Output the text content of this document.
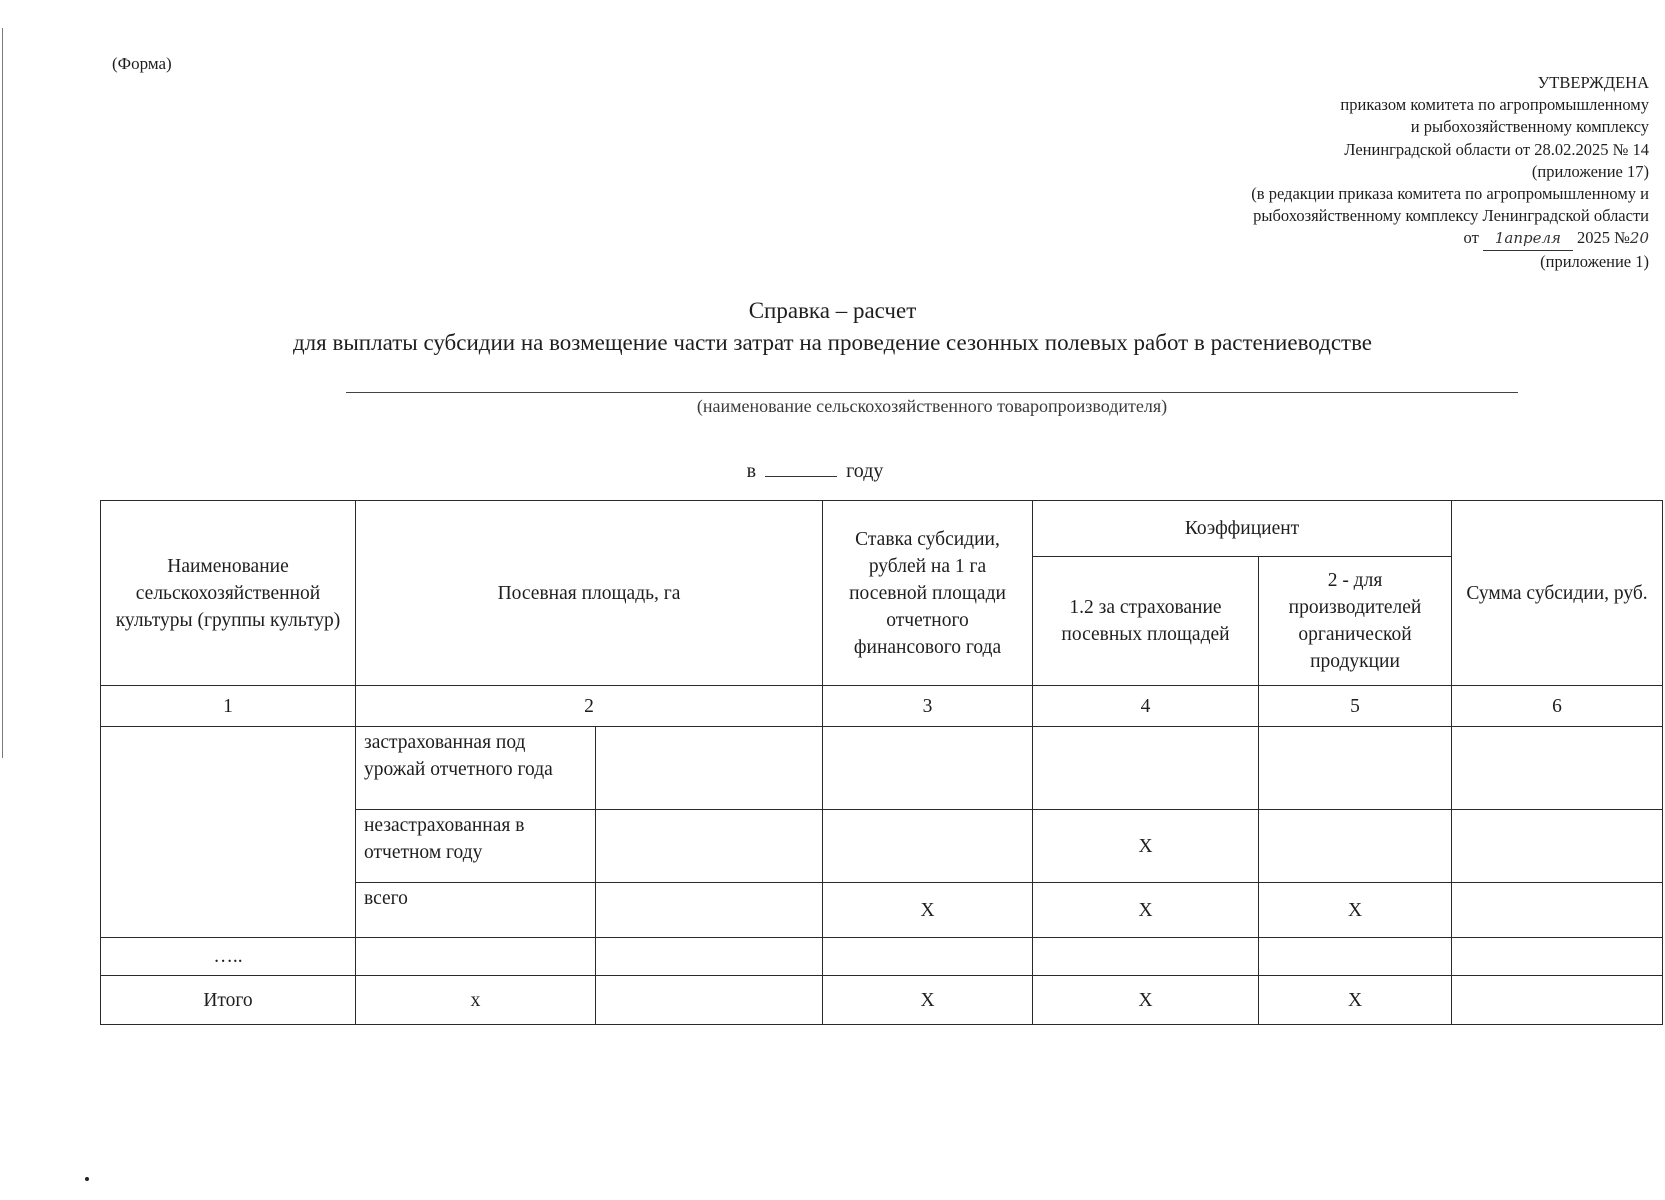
(Форма)
УТВЕРЖДЕНА
приказом комитета по агропромышленному
и рыбохозяйственному комплексу
Ленинградской области от 28.02.2025 № 14
(приложение 17)
(в редакции приказа комитета по агропромышленному и
рыбохозяйственному комплексу Ленинградской области
от 1апреля 2025 №20
(приложение 1)
Справка – расчет
для выплаты субсидии на возмещение части затрат на проведение сезонных полевых работ в растениеводстве
(наименование сельскохозяйственного товаропроизводителя)
в	году
Наименование сельскохозяйственной культуры (группы культур)	Посевная площадь, га		Ставка субсидии, рублей на 1 га посевной площади отчетного финансового года	Коэффициент		Сумма субсидии, руб.
				1.2 за страхование посевных площадей	2 - для производителей органической продукции	
1	2		3	4	5	6
	застрахованная под урожай отчетного года					
	незастрахованная в отчетном году			Х		
	всего		Х	Х	Х	
…..						
Итого	х		Х	Х	Х	
